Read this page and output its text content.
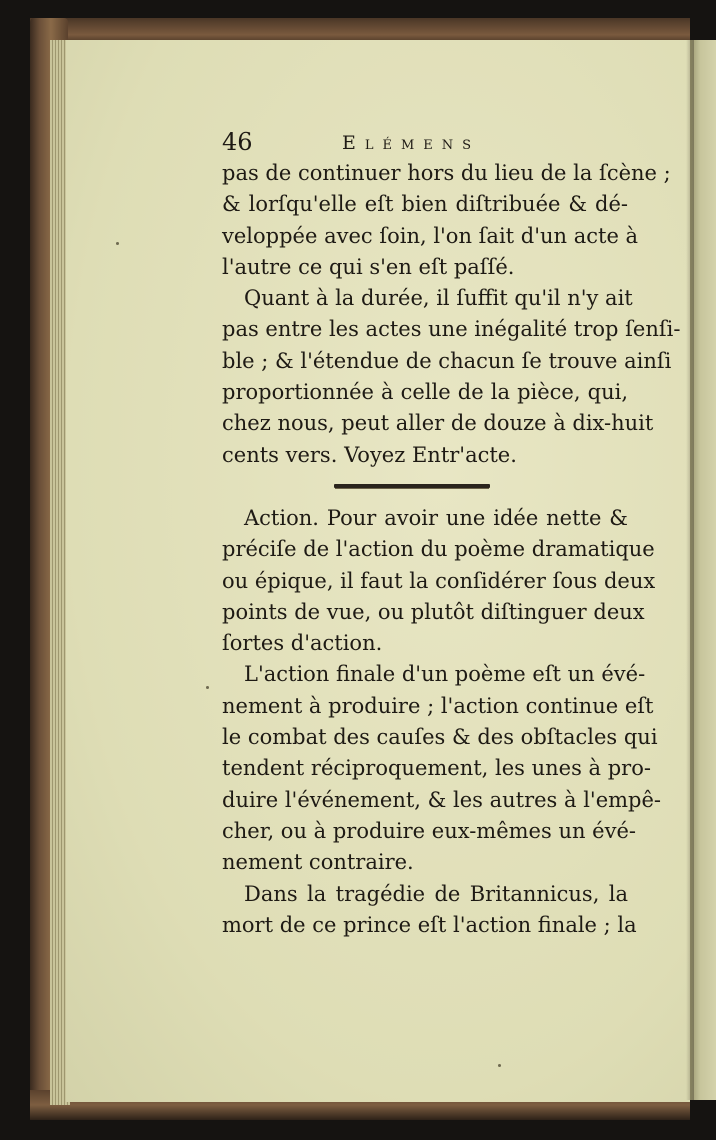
46	Elémens
pas de continuer hors du lieu de la ſcène ;
& lorſqu'elle eſt bien diſtribuée & dé-
veloppée avec ſoin, l'on ſait d'un acte à
l'autre ce qui s'en eſt paſſé.
Quant à la durée, il ſuffit qu'il n'y ait
pas entre les actes une inégalité trop ſenſi-
ble ; & l'étendue de chacun ſe trouve ainſi
proportionnée à celle de la pièce, qui,
chez nous, peut aller de douze à dix-huit
cents vers. Voyez Entr'acte.
Action. Pour avoir une idée nette &
préciſe de l'action du poème dramatique
ou épique, il faut la conſidérer ſous deux
points de vue, ou plutôt diſtinguer deux
ſortes d'action.
L'action finale d'un poème eſt un évé-
nement à produire ; l'action continue eſt
le combat des cauſes & des obſtacles qui
tendent réciproquement, les unes à pro-
duire l'événement, & les autres à l'empê-
cher, ou à produire eux-mêmes un évé-
nement contraire.
Dans la tragédie de Britannicus, la
mort de ce prince eſt l'action finale ; la
